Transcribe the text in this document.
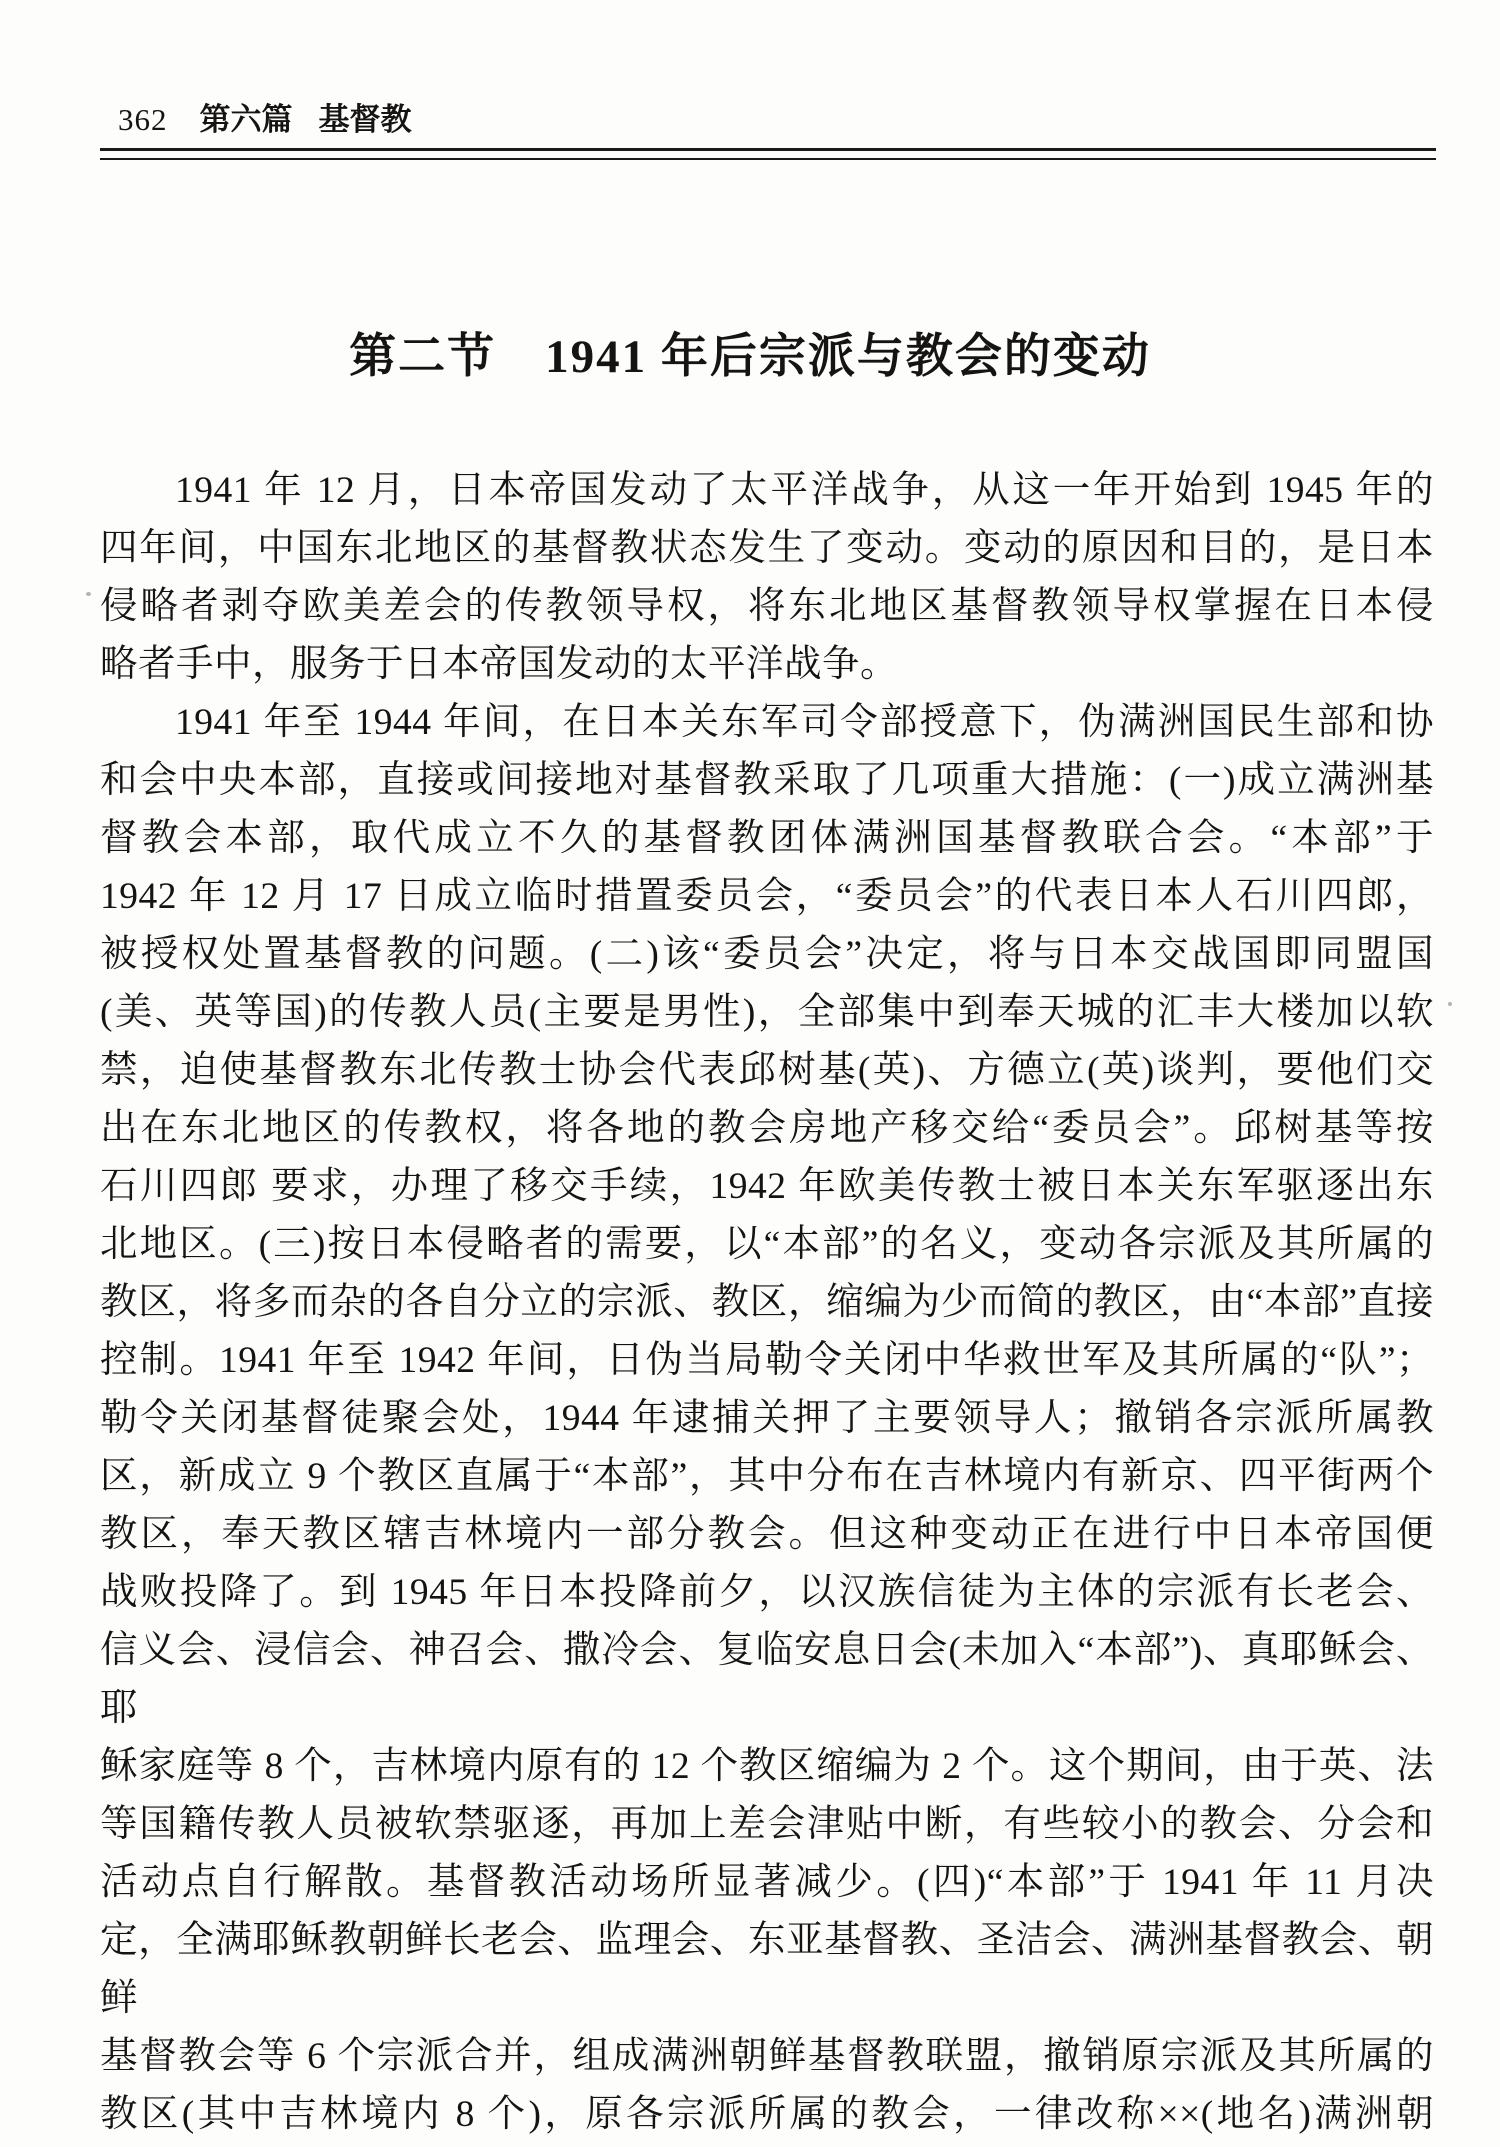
362 第六篇 基督教
第二节　1941 年后宗派与教会的变动
1941 年 12 月，日本帝国发动了太平洋战争，从这一年开始到 1945 年的
四年间，中国东北地区的基督教状态发生了变动。变动的原因和目的，是日本
侵略者剥夺欧美差会的传教领导权，将东北地区基督教领导权掌握在日本侵
略者手中，服务于日本帝国发动的太平洋战争。
1941 年至 1944 年间，在日本关东军司令部授意下，伪满洲国民生部和协
和会中央本部，直接或间接地对基督教采取了几项重大措施：(一)成立满洲基
督教会本部，取代成立不久的基督教团体满洲国基督教联合会。“本部”于
1942 年 12 月 17 日成立临时措置委员会，“委员会”的代表日本人石川四郎，
被授权处置基督教的问题。(二)该“委员会”决定，将与日本交战国即同盟国
(美、英等国)的传教人员(主要是男性)，全部集中到奉天城的汇丰大楼加以软
禁，迫使基督教东北传教士协会代表邱树基(英)、方德立(英)谈判，要他们交
出在东北地区的传教权，将各地的教会房地产移交给“委员会”。邱树基等按
石川四郎 要求，办理了移交手续，1942 年欧美传教士被日本关东军驱逐出东
北地区。(三)按日本侵略者的需要，以“本部”的名义，变动各宗派及其所属的
教区，将多而杂的各自分立的宗派、教区，缩编为少而简的教区，由“本部”直接
控制。1941 年至 1942 年间，日伪当局勒令关闭中华救世军及其所属的“队”；
勒令关闭基督徒聚会处，1944 年逮捕关押了主要领导人；撤销各宗派所属教
区，新成立 9 个教区直属于“本部”，其中分布在吉林境内有新京、四平街两个
教区，奉天教区辖吉林境内一部分教会。但这种变动正在进行中日本帝国便
战败投降了。到 1945 年日本投降前夕，以汉族信徒为主体的宗派有长老会、
信义会、浸信会、神召会、撒冷会、复临安息日会(未加入“本部”)、真耶稣会、耶
稣家庭等 8 个，吉林境内原有的 12 个教区缩编为 2 个。这个期间，由于英、法
等国籍传教人员被软禁驱逐，再加上差会津贴中断，有些较小的教会、分会和
活动点自行解散。基督教活动场所显著减少。(四)“本部”于 1941 年 11 月决
定，全满耶稣教朝鲜长老会、监理会、东亚基督教、圣洁会、满洲基督教会、朝鲜
基督教会等 6 个宗派合并，组成满洲朝鲜基督教联盟，撤销原宗派及其所属的
教区(其中吉林境内 8 个)，原各宗派所属的教会，一律改称××(地名)满洲朝
